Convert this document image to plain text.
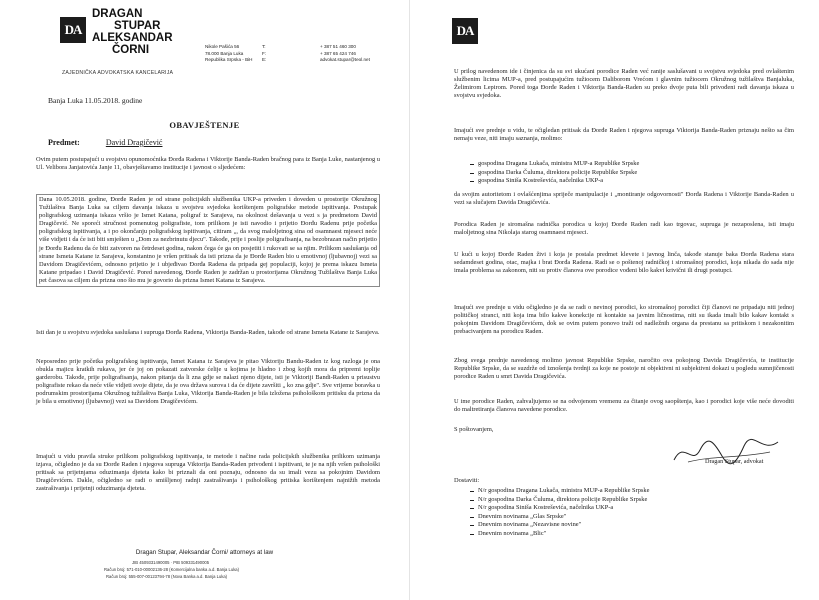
DA
DRAGAN
STUPAR
ALEKSANDAR
ČORNI	Nikole Pašića 56
78.000 Banja Luka
Republika Srpska - BiH
T:
F:
E:
+ 387 51 460 300
+ 387 65 424 746
advokat.stupar@teol.net
ZAJEDNIČKA ADVOKATSKA KANCELARIJA
Banja Luka 11.05.2018. godine
OBAVJEŠTENJE
Predmet:	David Dragičević
Ovim putem postupajući u svojstvu opunomoćnika Đorđa Radena i Viktorije Banda-Raden bračnog para iz Banja Luke, nastanjenog u Ul. Velibora Janjatovića Janje 11, obavještavamo institucije i javnost o sljedećem:
Dana 10.05.2018. godine, Đorđe Raden je od strane policijskih službenika UKP-a priveden i doveden u prostorije Okružnog Tužilaštva Banja Luka sa ciljem davanja iskaza u svojstvu svjedoka korištenjem poligrafske metode ispitivanja. Postupak poligrafskog uzimanja iskaza vršio je Ismet Katana, poligraf iz Sarajeva, na okolnost dešavanja u vezi s ja predmetom David Dragičević. Ne sporeći stručnost pomenutog poligrafiste, tom prilikom je isti navodio i prijetio Đorđu Radenu prije početka poligrafskog ispitivanja, a i po okončanju poligrafskog ispitivanja, citiram „, da svog maloljetnog sina od osamnaest mjeseci neće više vidjeti i da će isti biti smješten u „Dom za nezbrinutu djecu". Takođe, prije i poslije poligrafisanja, na bezobrazan način prijetio je Đorđu Radenu da će biti zatvoren na četrdeset godina, nakon čega će ga on posjetiti i rukovati se sa njim. Prilikom saslušanja od strane Ismeta Katane iz Sarajeva, konstantno je vršen pritisak da isti prizna da je Đorđe Raden bio u emotivnoj (ljubavnoj) vezi sa Davidom Dragičevićem, odnosno prijetio je i ubjeđivao Đorđa Radena da pripada gej populaciji, kojoj je prema iskazu Ismeta Katane pripadao i David Dragičević. Pored navedenog, Đorđe Raden je zadržan u prostorijama Okružnog Tužilaštva Banja Luka pet časova sa ciljem da prizna ono što mu je govorio da prizna Ismet Katana iz Sarajeva.
Isti dan je u svojstvu svjedoka saslušana i supruga Đorđa Radena, Viktorija Banda-Raden, takođe od strane Ismeta Katane iz Sarajeva.
Neposredno prije početka poligrafskog ispitivanja, Ismet Katana iz Sarajeva je pitao Viktoriju Bandu-Raden iz kog razloga je ona obukla majicu kratkih rukava, jer će joj on pokazati zatvorske ćelije u kojima je hladno i zbog kojih mora da pripremi toplije garderobu. Takođe, prije poligrafisanja, nakon pitanja da li zna gdje se nalazi njeno dijete, isti je Viktoriji Bandi-Raden u prisustvu poligrafiste rekao da neće više vidjeti svoje dijete, da je ova država surova i da će dijete završiti „ ko zna gdje". Sve vrijeme boravka u podrumskim prostorijama Okružnog tužilaštva Banja Luka, Viktorija Banda-Raden je bila izložena psihološkom pritisku da prizna da je bila u emotivnoj (ljubavnoj) vezi sa Davidom Dragičevićem.
Imajući u vidu pravila struke prilikom poligrafskog ispitivanja, te metode i načine rada policijskih službenika prilikom uzimanja izjava, očigledno je da su Đorđe Raden i njegova supruga Viktorija Banda-Raden privođeni i ispitivani, te je na njih vršen psihološki pritisak sa prijetnjama oduzimanja djeteta kako bi priznali da oni poznaju, odnosno da su imali vezu sa pokojnim Davidom Dragičevićem. Dakle, očigledno se radi o smišljenoj radnji zastrašivanja i psihološkog pritiska korištenjem najnižih metoda zastrašivanja i prijetnji oduzimanja djeteta.
Dragan Stupar, Aleksandar Čorni/ attorneys at law
JIB 4509331490005 · PIB 509331490005
Račun broj: 571-010-00002136-28 (Komercijalna banka a.d. Banja Luka)
Račun broj: 555-007-00123794-78 (Nova Banka a.d. Banja Luka)
DA
U prilog navedenom ide i činjenica da su svi ukućani porodice Raden već ranije saslušavani u svojstvu svjedoka pred ovlaštenim službenim licima MUP-a, pred postupajućim tužiocem Daliborom Vrećom i glavnim tužiocem Okružnog tužilaštva Banjaluka, Želimirom Lepirom. Pored toga Đorđe Raden i Viktorija Banda-Raden su preko dvoje puta bili privođeni radi davanja iskaza u svojstvu svjedoka.
Imajući sve prednje u vidu, te očigledan pritisak da Đorđe Raden i njegova supruga Viktorija Banda-Raden priznaju nešto sa čim nemaju veze, niti imaju saznanja, molimo:
gospodina Dragana Lukača, ministra MUP-a Republike Srpske
gospodina Darka Čuluma, direktora policije Republike Srpske
gospodina Siniša Kostreševića, načelnika UKP-a
da svojim autoritetom i ovlašćenjima spriječe manipulacije i „montiranje odgovornosti" Đorđa Radena i Viktorije Banda-Raden u vezi sa slučajem Davida Dragičevića.
Porodica Raden je siromašna radnička porodica u kojoj Đorđe Raden radi kao trgovac, supruga je nezaposlena, isti imaju maloljetnog sina Nikolaja starog osamnaest mjeseci.
U kući u kojoj Đorđe Raden živi i koja je postala predmet klevete i javnog linča, takođe stanuje baka Đorđa Radena stara sedamdeset godina, otac, majka i brat Đorđa Radena. Radi se o poštenoj radničkoj i siromašnoj porodici, koja nikada do sada nije imala problema sa zakonom, niti su protiv članova ove porodice vođeni bilo kakvi krivični ili drugi postupci.
Imajući sve prednje u vidu očigledno je da se radi o nevinoj porodici, ko siromašnoj porodici čiji članovi ne pripadaju niti jednoj političkoj stranci, niti koja ima bilo kakve konekcije ni kontakte sa javnim ličnostima, niti su ikada imali bilo kakav kontakt s pokojnim Davidom Dragičevićem, dok se ovim putem ponovo traži od nadležnih organa da prestanu sa pritiskom i nezakonitim prebacivanjem na porodicu Raden.
Zbog svega prednje navedenog molimo javnost Republike Srpske, naročito ova pokojnog Davida Dragičevića, te institucije Republike Srpske, da se suzdrže od iznošenja tvrdnji za koje ne postoje ni objektivni ni subjektivni dokazi u pogledu sumnjičenosti porodice Raden u smrt Davida Dragičevića.
U ime porodice Raden, zahvaljujemo se na odvojenom vremenu za čitanje ovog saopštenja, kao i porodici koje više neće dovoditi do maltretiranja članova navedene porodice.
S poštovanjem,
Dragan Stupar, advokat
Dostaviti:
N/r gospodina Dragana Lukača, ministra MUP-a Republike Srpske
N/r gospodina Darka Čuluma, direktora policije Republike Srpske
N/r gospodina Siniša Kostreševića, načelnika UKP-a
Dnevnim novinama „Glas Srpske"
Dnevnim novinama „Nezavisne novine"
Dnevnim novinama „Blic"
